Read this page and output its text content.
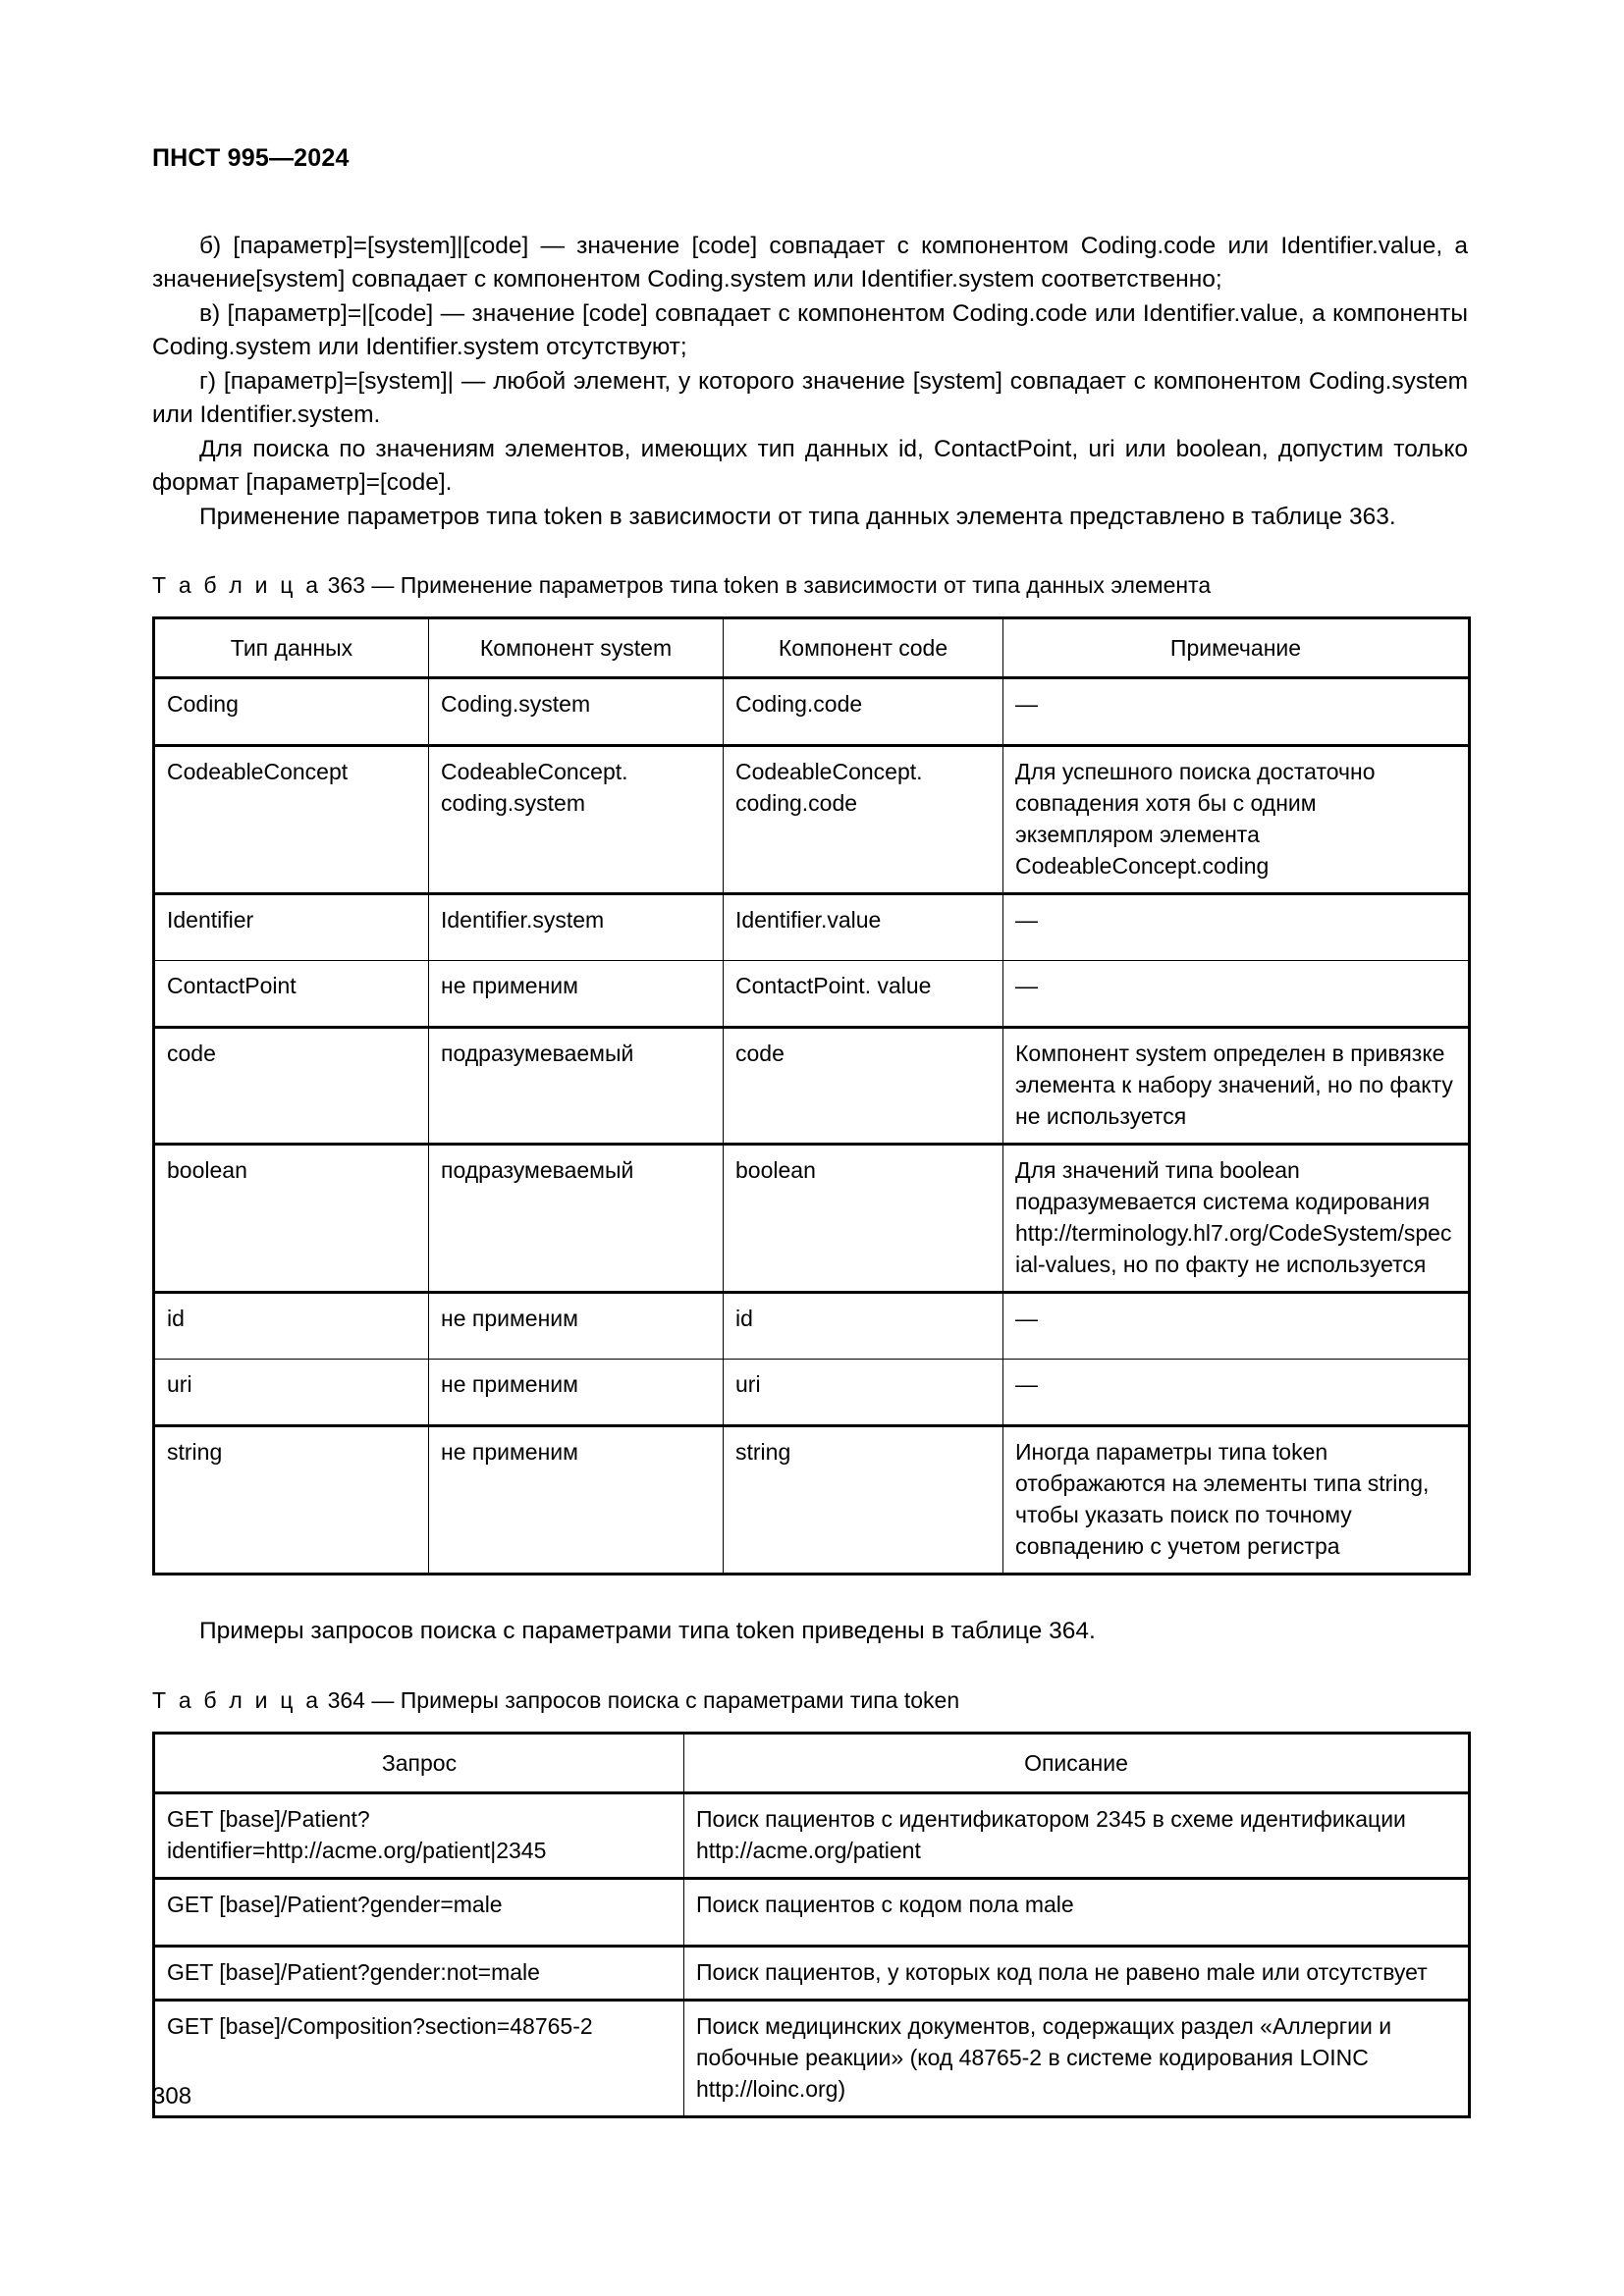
ПНСТ 995—2024

б) [параметр]=[system]|[code] — значение [code] совпадает с компонентом Coding.code или Identifier.value, а значение[system] совпадает с компонентом Coding.system или Identifier.system соответственно;

в) [параметр]=|[code] — значение [code] совпадает с компонентом Coding.code или Identifier.value, а компоненты Coding.system или Identifier.system отсутствуют;

г) [параметр]=[system]| — любой элемент, у которого значение [system] совпадает с компонентом Coding.system или Identifier.system.

Для поиска по значениям элементов, имеющих тип данных id, ContactPoint, uri или boolean, допустим только формат [параметр]=[code].

Применение параметров типа token в зависимости от типа данных элемента представлено в таблице 363.

Т а б л и ц а 363 — Применение параметров типа token в зависимости от типа данных элемента
Тип данных	Компонент system	Компонент code	Примечание
Coding	Coding.system	Coding.code	—
CodeableConcept	CodeableConcept. coding.system	CodeableConcept. coding.code	Для успешного поиска достаточно совпадения хотя бы с одним экземпляром элемента CodeableConcept.coding
Identifier	Identifier.system	Identifier.value	—
ContactPoint	не применим	ContactPoint. value	—
code	подразумеваемый	code	Компонент system определен в привязке элемента к набору значений, но по факту не используется
boolean	подразумеваемый	boolean	Для значений типа boolean подразумевается система кодирования http://terminology.hl7.org/CodeSystem/special-values, но по факту не используется
id	не применим	id	—
uri	не применим	uri	—
string	не применим	string	Иногда параметры типа token отображаются на элементы типа string, чтобы указать поиск по точному совпадению с учетом регистра

Примеры запросов поиска с параметрами типа token приведены в таблице 364.

Т а б л и ц а 364 — Примеры запросов поиска с параметрами типа token
Запрос	Описание
GET [base]/Patient?identifier=http://acme.org/patient|2345	Поиск пациентов с идентификатором 2345 в схеме идентификации http://acme.org/patient
GET [base]/Patient?gender=male	Поиск пациентов с кодом пола male
GET [base]/Patient?gender:not=male	Поиск пациентов, у которых код пола не равено male или отсутствует
GET [base]/Composition?section=48765-2	Поиск медицинских документов, содержащих раздел «Аллергии и побочные реакции» (код 48765-2 в системе кодирования LOINC http://loinc.org)
308
